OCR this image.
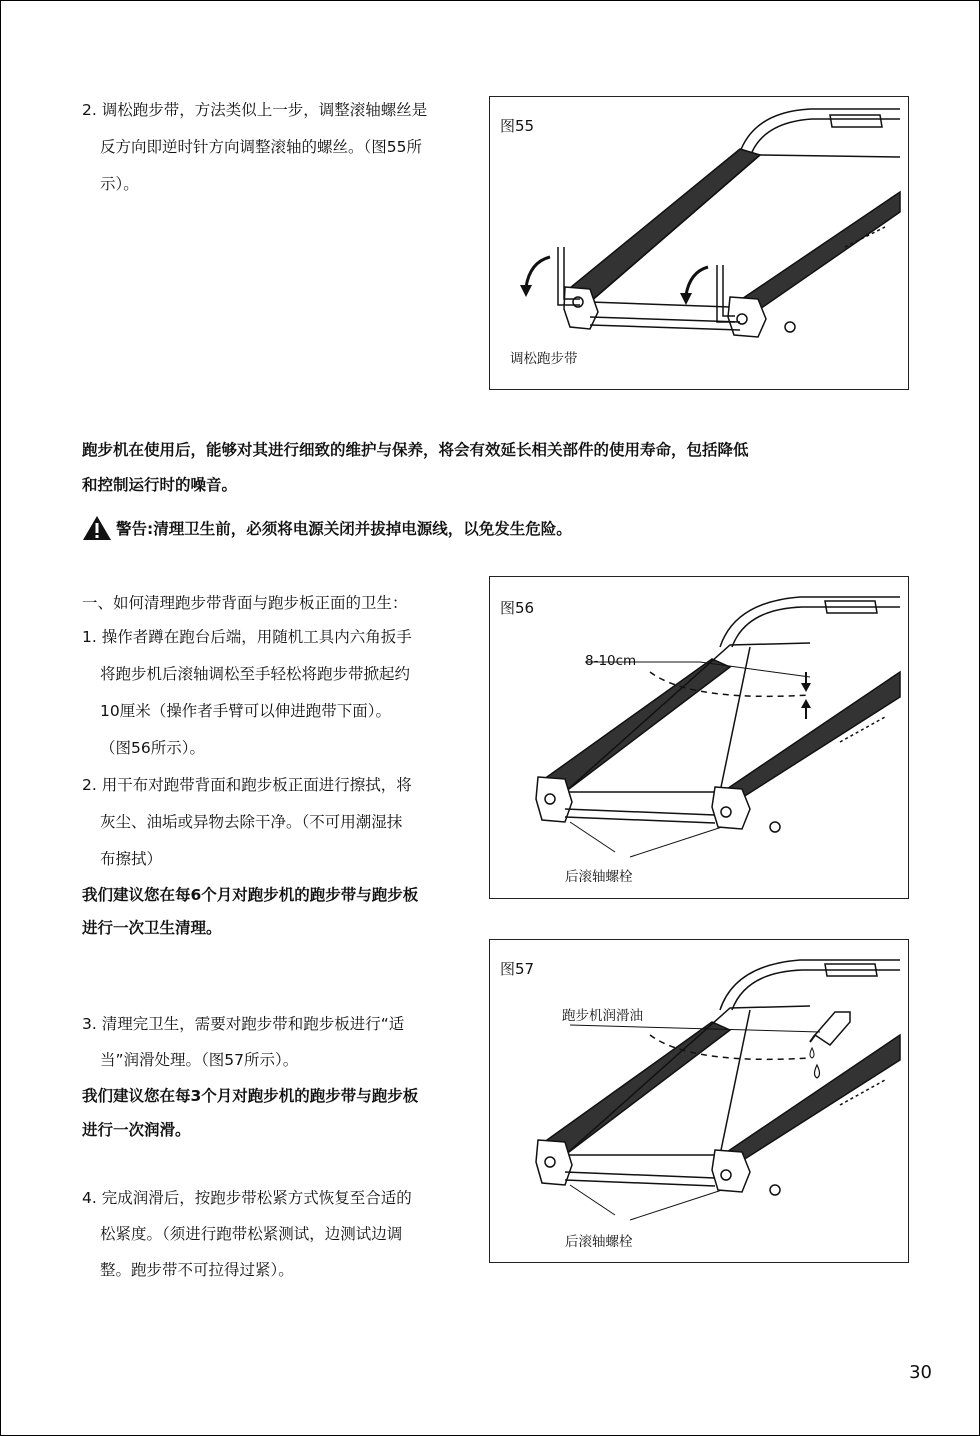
2. 调松跑步带，方法类似上一步，调整滚轴螺丝是
反方向即逆时针方向调整滚轴的螺丝。（图55所
示）。
图55
调松跑步带
跑步机在使用后，能够对其进行细致的维护与保养，将会有效延长相关部件的使用寿命，包括降低
和控制运行时的噪音。
警告:清理卫生前，必须将电源关闭并拔掉电源线，以免发生危险。
一、如何清理跑步带背面与跑步板正面的卫生：
1. 操作者蹲在跑台后端，用随机工具内六角扳手
将跑步机后滚轴调松至手轻松将跑步带掀起约
10厘米（操作者手臂可以伸进跑带下面）。
（图56所示）。
2. 用干布对跑带背面和跑步板正面进行擦拭，将
灰尘、油垢或异物去除干净。（不可用潮湿抹
布擦拭）
我们建议您在每6个月对跑步机的跑步带与跑步板
进行一次卫生清理。
3. 清理完卫生，需要对跑步带和跑步板进行“适
当”润滑处理。（图57所示）。
我们建议您在每3个月对跑步机的跑步带与跑步板
进行一次润滑。
4. 完成润滑后，按跑步带松紧方式恢复至合适的
松紧度。（须进行跑带松紧测试，边测试边调
整。跑步带不可拉得过紧）。
图56
8-10cm
后滚轴螺栓
图57
跑步机润滑油
后滚轴螺栓
30
